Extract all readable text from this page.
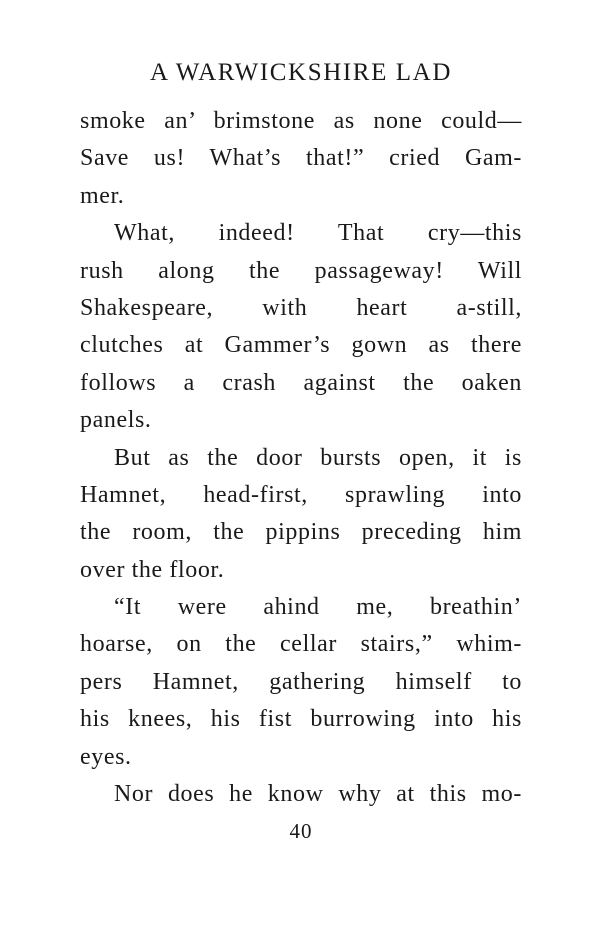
A WARWICKSHIRE LAD
smoke an’ brimstone as none could—
Save us! What’s that!” cried Gam-
mer.
What, indeed! That cry—this
rush along the passageway! Will
Shakespeare, with heart a-still,
clutches at Gammer’s gown as there
follows a crash against the oaken
panels.
But as the door bursts open, it is
Hamnet, head-first, sprawling into
the room, the pippins preceding him
over the floor.
“It were ahind me, breathin’
hoarse, on the cellar stairs,” whim-
pers Hamnet, gathering himself to
his knees, his fist burrowing into his
eyes.
Nor does he know why at this mo-
40
